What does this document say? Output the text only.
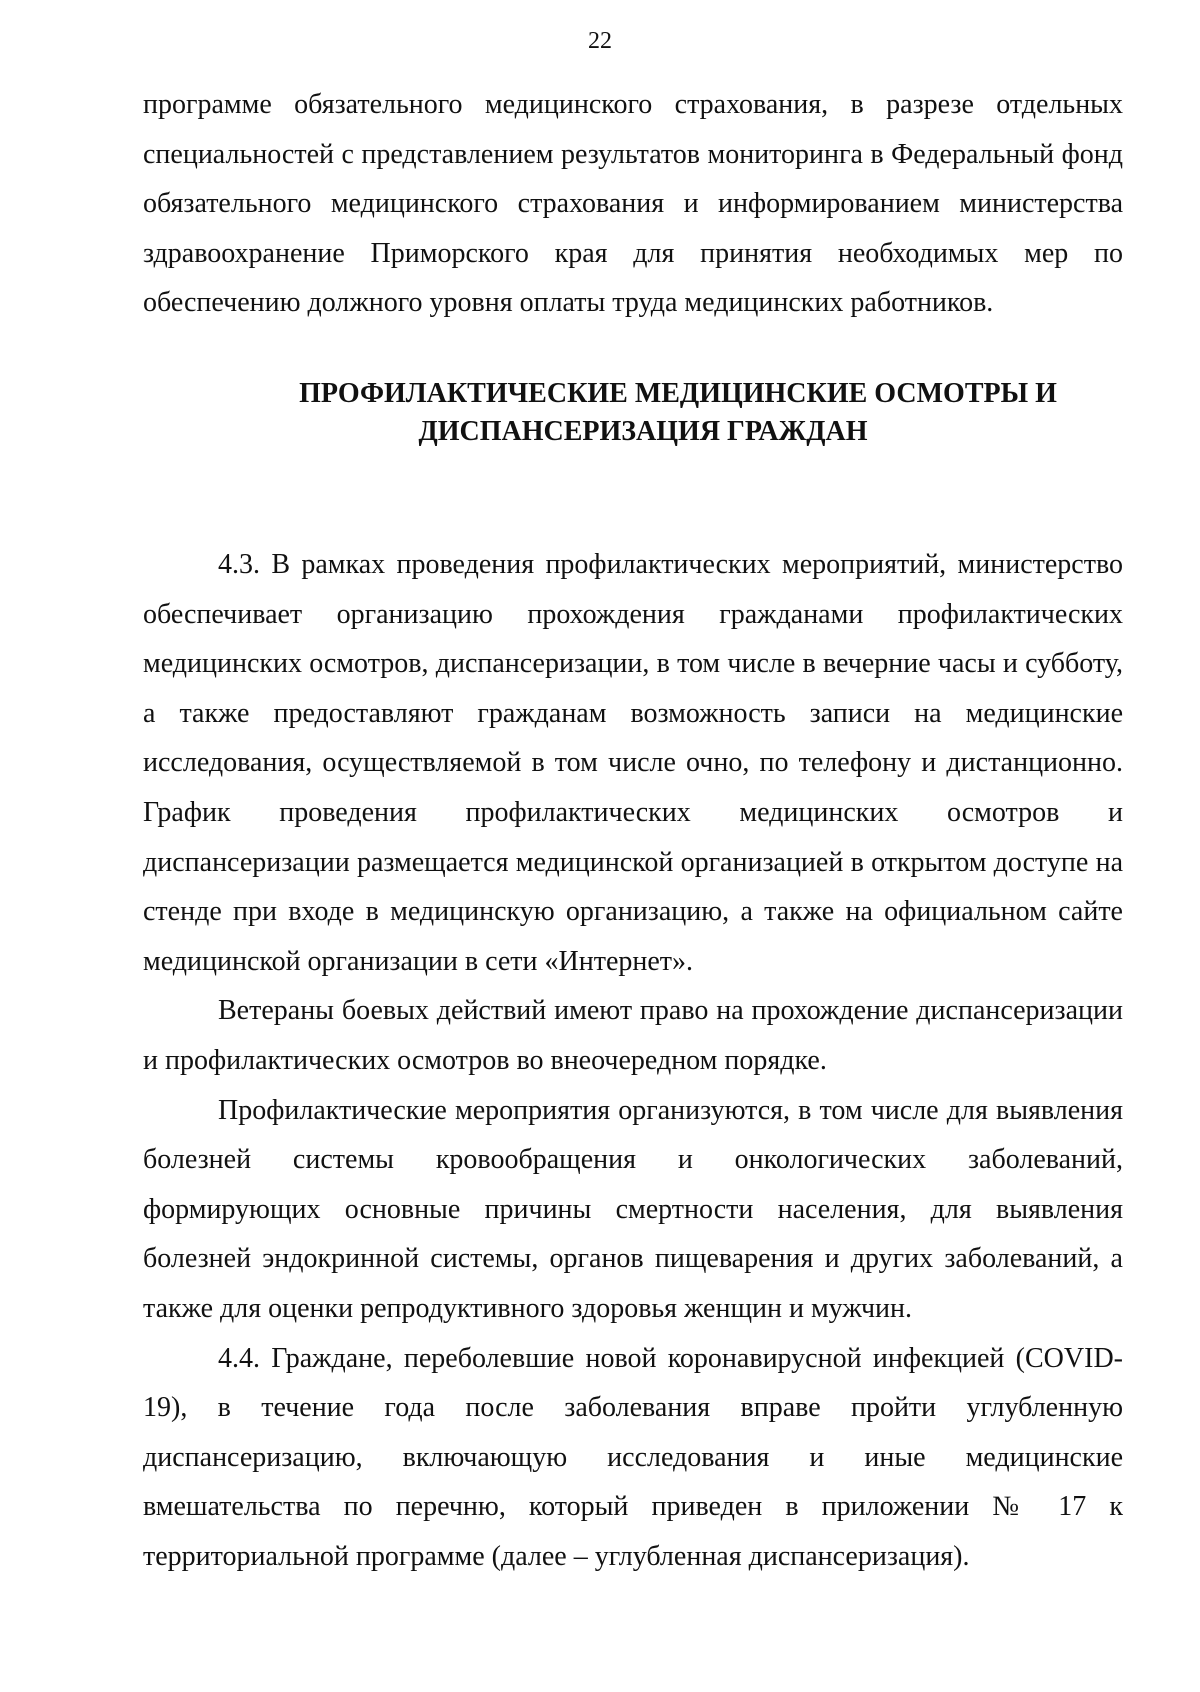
22

программе обязательного медицинского страхования, в разрезе отдельных специальностей с представлением результатов мониторинга в Федеральный фонд обязательного медицинского страхования и информированием министерства здравоохранение Приморского края для принятия необходимых мер по обеспечению должного уровня оплаты труда медицинских работников.

ПРОФИЛАКТИЧЕСКИЕ МЕДИЦИНСКИЕ ОСМОТРЫ И
ДИСПАНСЕРИЗАЦИЯ ГРАЖДАН

4.3. В рамках проведения профилактических мероприятий, министерство обеспечивает организацию прохождения гражданами профилактических медицинских осмотров, диспансеризации, в том числе в вечерние часы и субботу, а также предоставляют гражданам возможность записи на медицинские исследования, осуществляемой в том числе очно, по телефону и дистанционно. График проведения профилактических медицинских осмотров и диспансеризации размещается медицинской организацией в открытом доступе на стенде при входе в медицинскую организацию, а также на официальном сайте медицинской организации в сети «Интернет».

Ветераны боевых действий имеют право на прохождение диспансеризации и профилактических осмотров во внеочередном порядке.

Профилактические мероприятия организуются, в том числе для выявления болезней системы кровообращения и онкологических заболеваний, формирующих основные причины смертности населения, для выявления болезней эндокринной системы, органов пищеварения и других заболеваний, а также для оценки репродуктивного здоровья женщин и мужчин.

4.4. Граждане, переболевшие новой коронавирусной инфекцией (COVID-19), в течение года после заболевания вправе пройти углубленную диспансеризацию, включающую исследования и иные медицинские вмешательства по перечню, который приведен в приложении № 17 к территориальной программе (далее – углубленная диспансеризация).
